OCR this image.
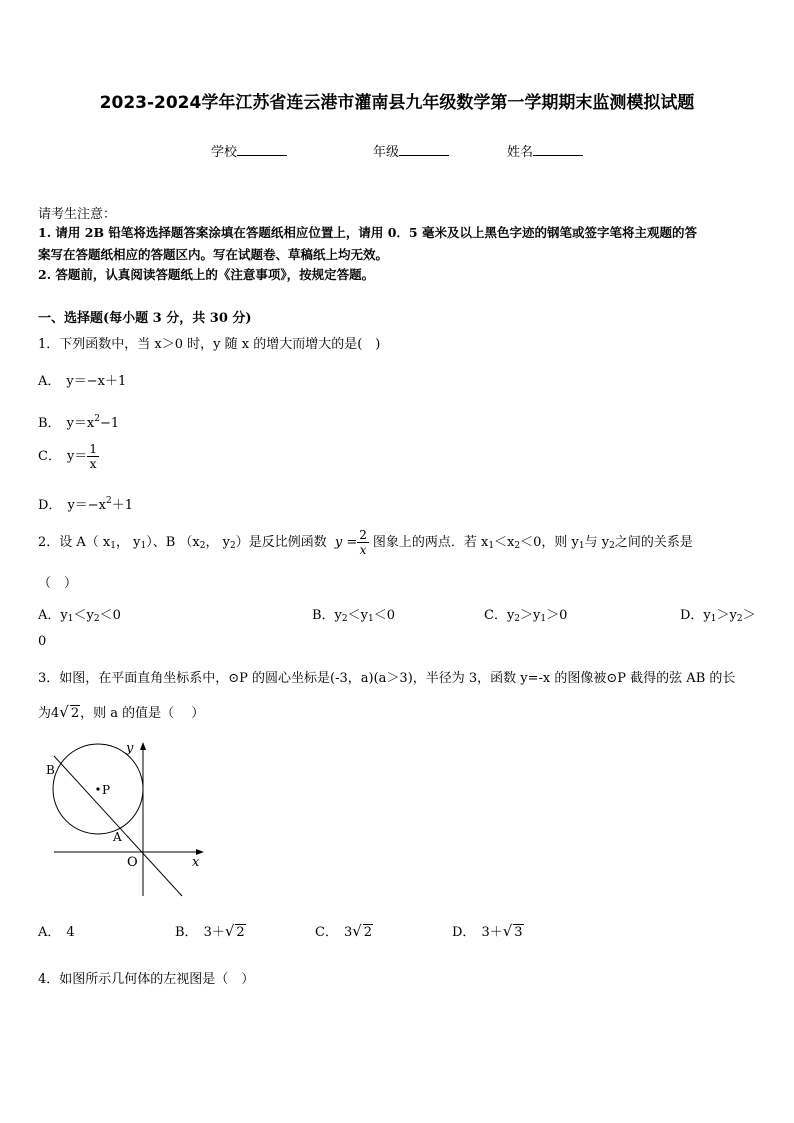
2023-2024学年江苏省连云港市灌南县九年级数学第一学期期末监测模拟试题
学校	年级	姓名
请考生注意：
1. 请用 2B 铅笔将选择题答案涂填在答题纸相应位置上，请用 0．5 毫米及以上黑色字迹的钢笔或签字笔将主观题的答
案写在答题纸相应的答题区内。写在试题卷、草稿纸上均无效。
2. 答题前，认真阅读答题纸上的《注意事项》，按规定答题。
一、选择题(每小题 3 分，共 30 分)
1．下列函数中，当 x＞0 时，y 随 x 的增大而增大的是(　)
A． y＝−x＋1
B． $y=x^2-1$
C． $y= \frac{1}{x}$
D． $y=-x^2+1$
2．设 A（ $x_1$， $y_1$）、B （$x_2$， $y_2$）是反比例函数 $y = \frac{2}{x}$ 图象上的两点．若 $x_1<x_2<0$，则 $y_1$与 $y_2$之间的关系是
（　）
A．$y_1<y_2<0$	B．$y_2<y_1<0$	C．$y_2>y_1>0$	D．$y_1>y_2>$
0
3．如图，在平面直角坐标系中，⊙P 的圆心坐标是(-3，a)(a＞3)，半径为 3，函数 y=-x 的图像被⊙P 截得的弦 AB 的长
为4√ 2，则 a 的值是（　 ）
P
B
A
O	x
y
A． 4	B． 3＋√ 2	C． 3√ 2	D． 3＋√ 3
4．如图所示几何体的左视图是（　）
